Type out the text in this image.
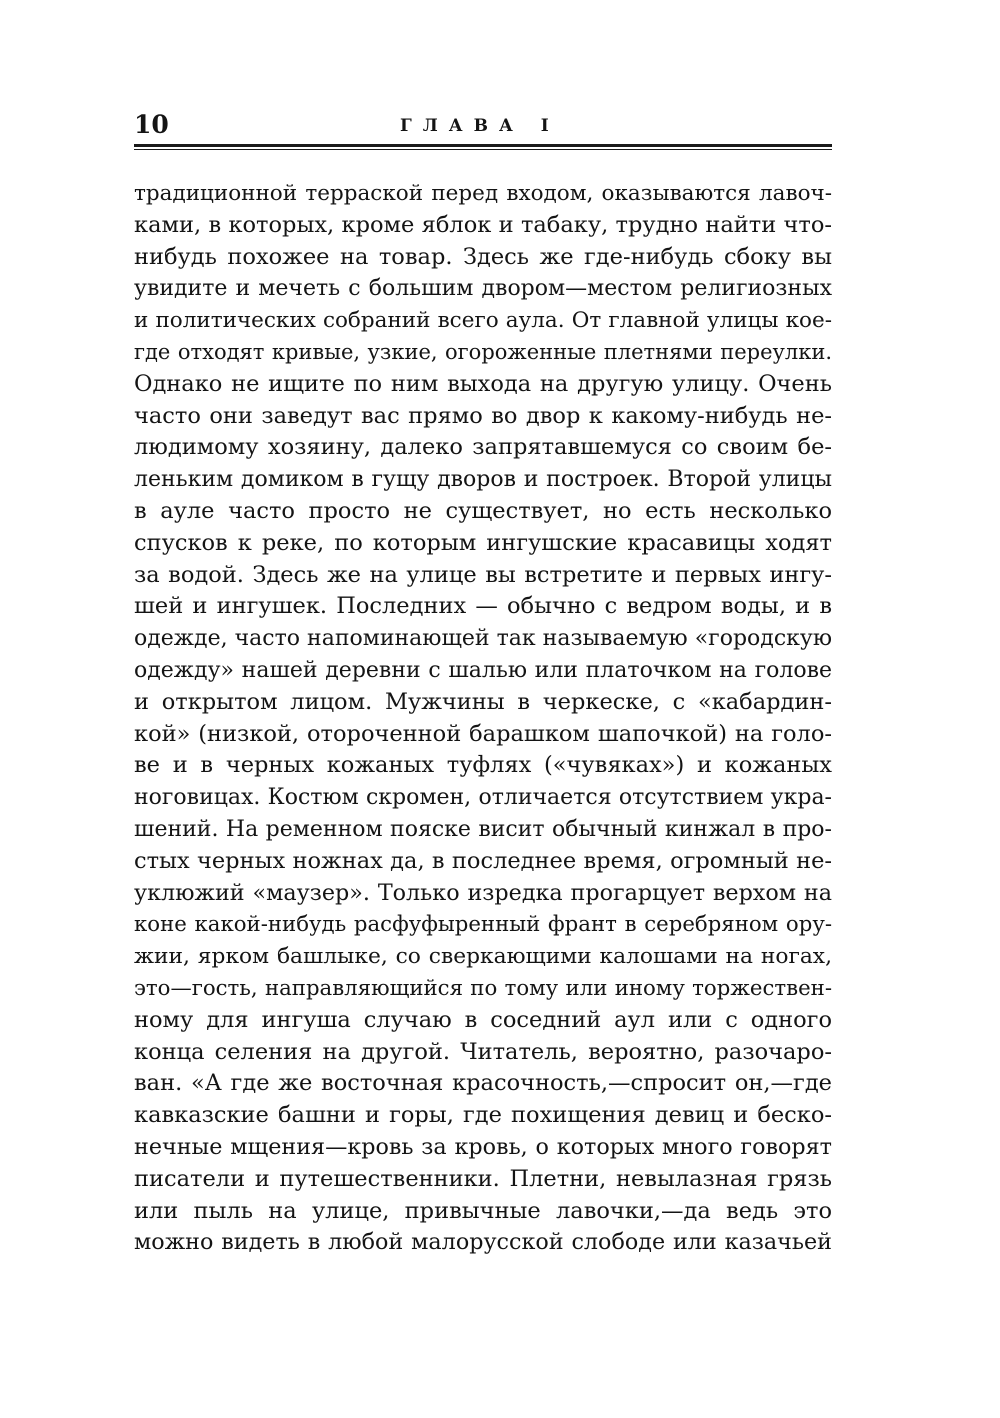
10	ГЛАВА I
традиционной терраской перед входом, оказываются лавоч-
ками, в которых, кроме яблок и табаку, трудно найти что-
нибудь похожее на товар. Здесь же где-нибудь сбоку вы
увидите и мечеть с большим двором—местом религиозных
и политических собраний всего аула. От главной улицы кое-
где отходят кривые, узкие, огороженные плетнями переулки.
Однако не ищите по ним выхода на другую улицу. Очень
часто они заведут вас прямо во двор к какому-нибудь не-
людимому хозяину, далеко запрятавшемуся со своим бе-
леньким домиком в гущу дворов и построек. Второй улицы
в ауле часто просто не существует, но есть несколько
спусков к реке, по которым ингушские красавицы ходят
за водой. Здесь же на улице вы встретите и первых ингу-
шей и ингушек. Последних — обычно с ведром воды, и в
одежде, часто напоминающей так называемую «городскую
одежду» нашей деревни с шалью или платочком на голове
и открытом лицом. Мужчины в черкеске, с «кабардин-
кой» (низкой, отороченной барашком шапочкой) на голо-
ве и в черных кожаных туфлях («чувяках») и кожаных
ноговицах. Костюм скромен, отличается отсутствием укра-
шений. На ременном пояске висит обычный кинжал в про-
стых черных ножнах да, в последнее время, огромный не-
уклюжий «маузер». Только изредка прогарцует верхом на
коне какой-нибудь расфуфыренный франт в серебряном ору-
жии, ярком башлыке, со сверкающими калошами на ногах,
это—гость, направляющийся по тому или иному торжествен-
ному для ингуша случаю в соседний аул или с одного
конца селения на другой. Читатель, вероятно, разочаро-
ван. «А где же восточная красочность,—спросит он,—где
кавказские башни и горы, где похищения девиц и беско-
нечные мщения—кровь за кровь, о которых много говорят
писатели и путешественники. Плетни, невылазная грязь
или пыль на улице, привычные лавочки,—да ведь это
можно видеть в любой малорусской слободе или казачьей
